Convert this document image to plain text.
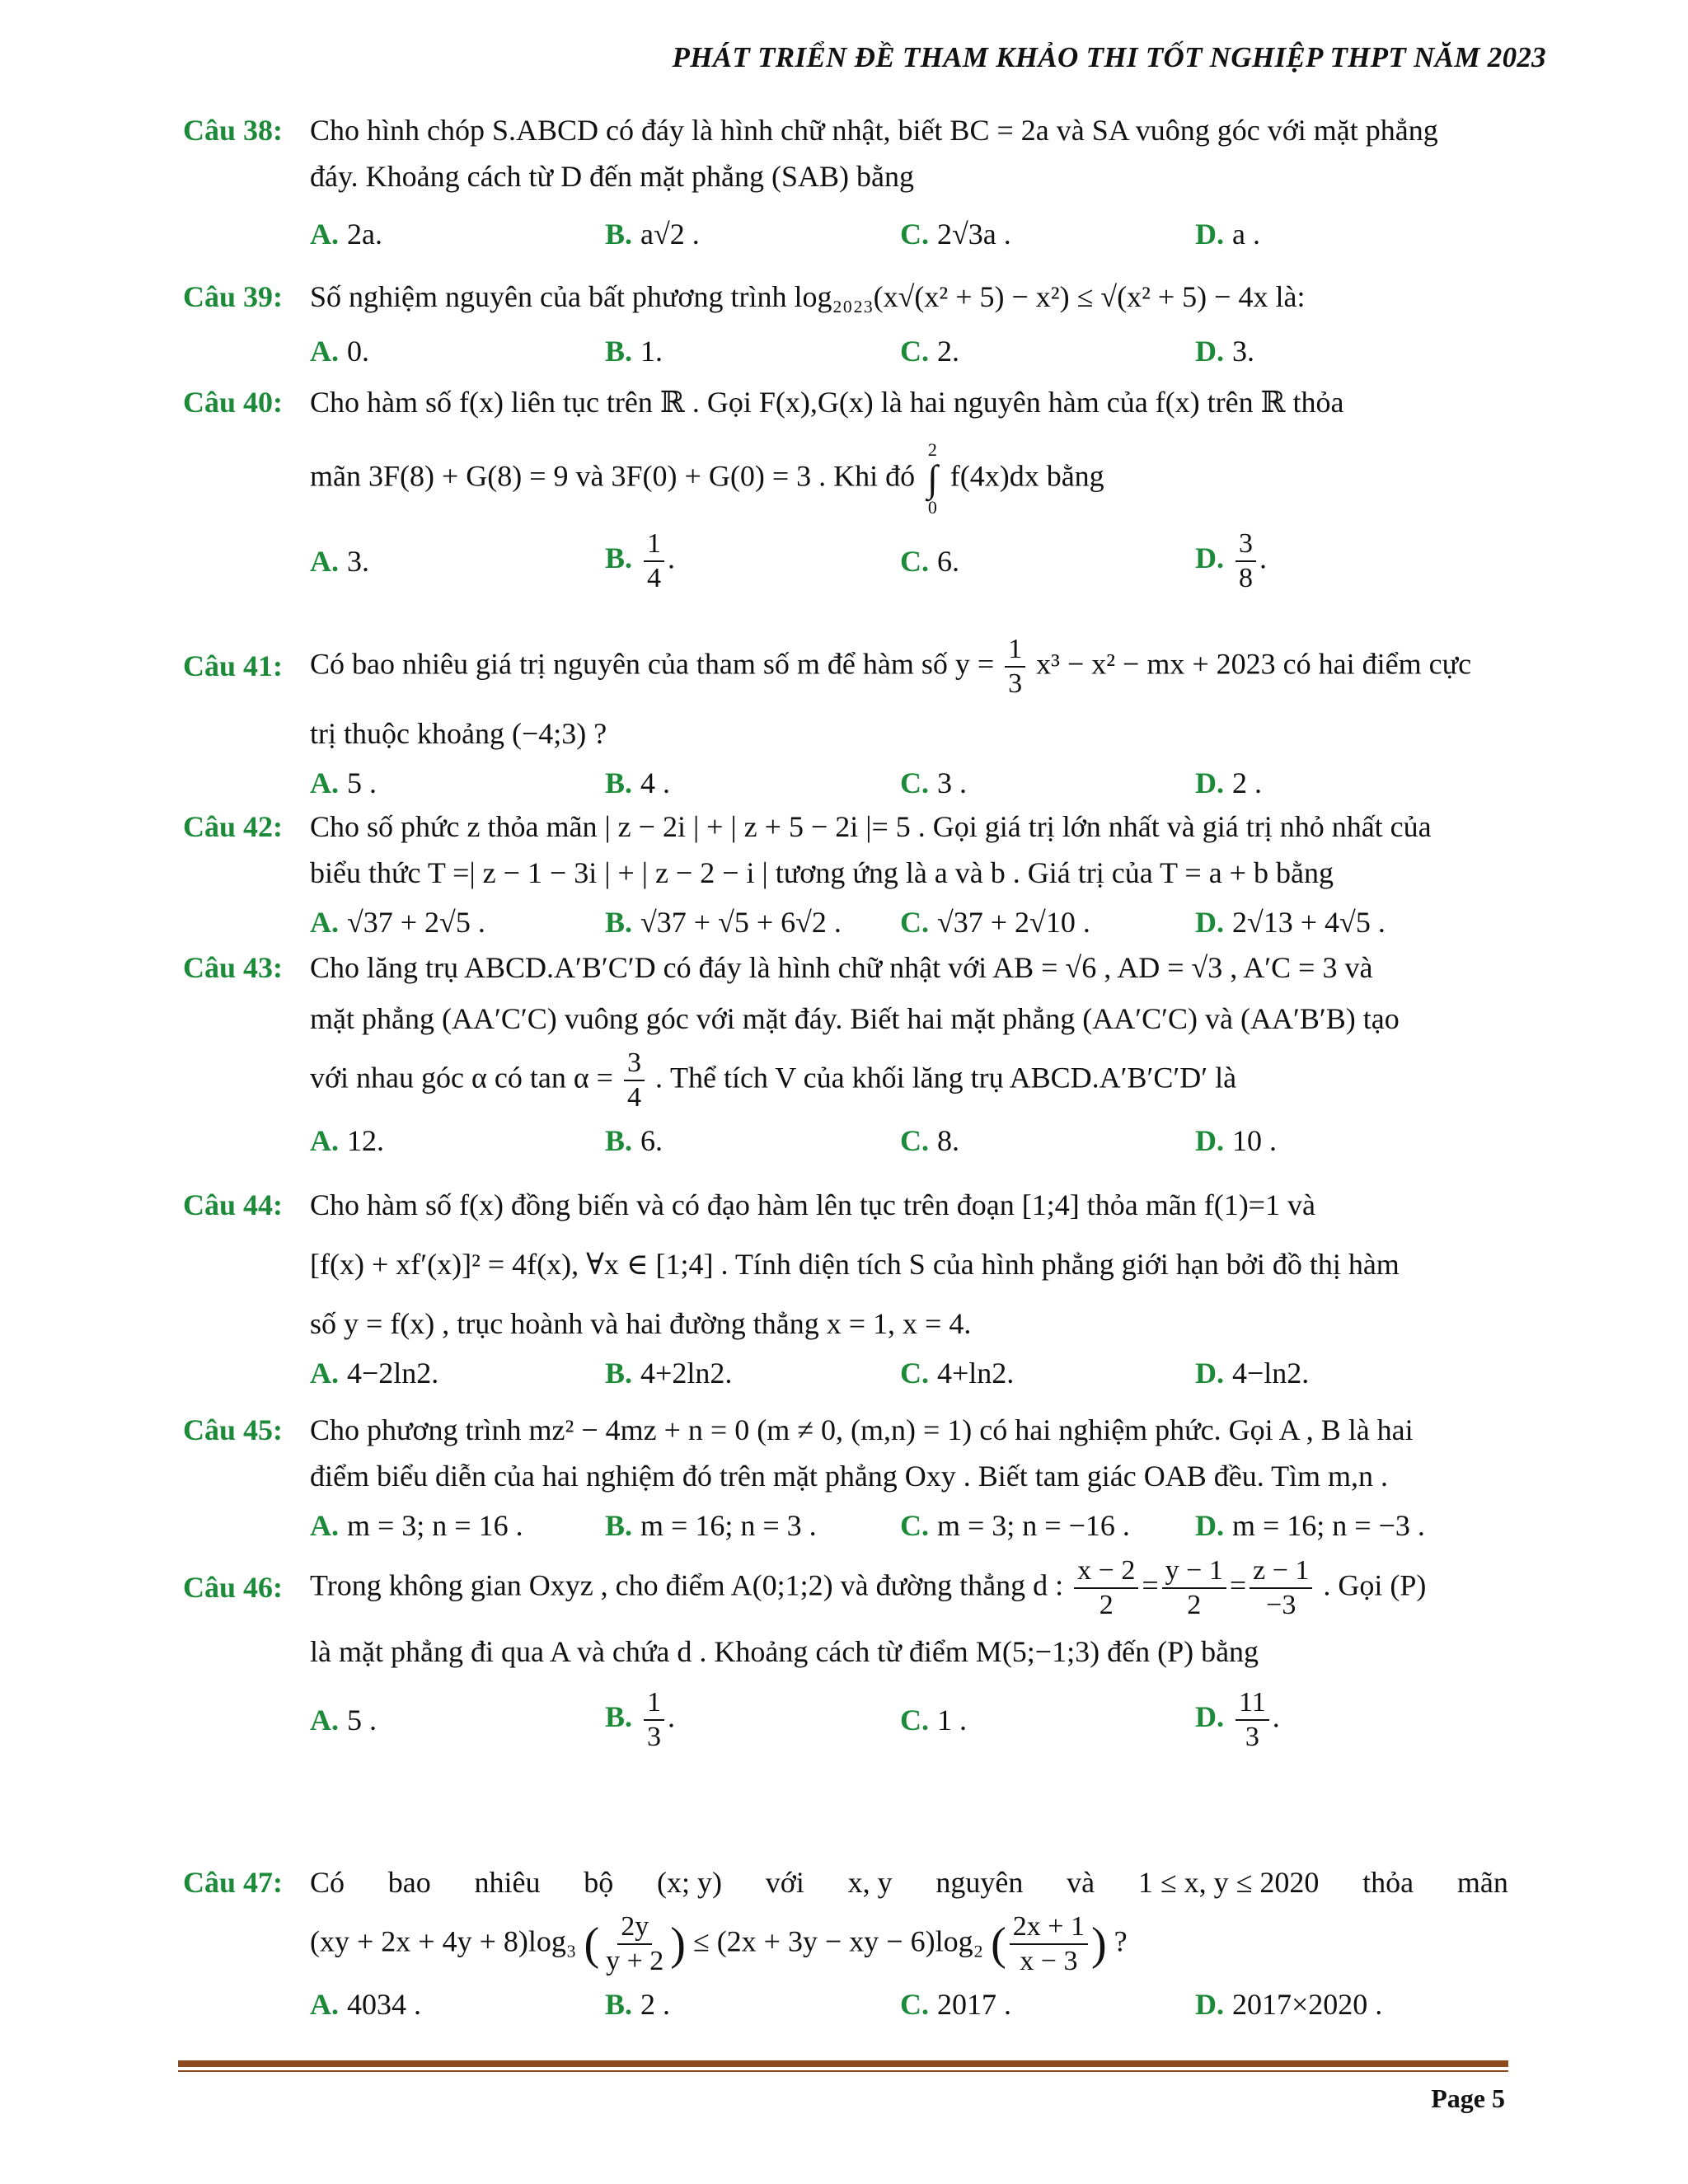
PHÁT TRIỂN ĐỀ THAM KHẢO THI TỐT NGHIỆP THPT NĂM 2023
Câu 38: Cho hình chóp S.ABCD có đáy là hình chữ nhật, biết BC = 2a và SA vuông góc với mặt phẳng
đáy. Khoảng cách từ D đến mặt phẳng (SAB) bằng
A. 2a.	B. a√2 .	C. 2√3a .	D. a .
Câu 39: Số nghiệm nguyên của bất phương trình log₂₀₂₃(x√(x² + 5) − x²) ≤ √(x² + 5) − 4x là:
A. 0.	B. 1.	C. 2.	D. 3.
Câu 40: Cho hàm số f(x) liên tục trên ℝ . Gọi F(x),G(x) là hai nguyên hàm của f(x) trên ℝ thỏa
mãn 3F(8) + G(8) = 9 và 3F(0) + G(0) = 3 . Khi đó
2
∫
0
f(4x)dx bằng
A. 3.	B. $\frac{1}{4}$ .	C. 6.	D. $\frac{3}{8}$ .
Câu 41: Có bao nhiêu giá trị nguyên của tham số m để hàm số $y = \frac{1}{3} x^3 - x^2$ − mx + 2023 có hai điểm cực
trị thuộc khoảng (−4;3) ?
A. 5 .	B. 4 .	C. 3 .	D. 2 .
Câu 42: Cho số phức z thỏa mãn | z − 2i | + | z + 5 − 2i |= 5 . Gọi giá trị lớn nhất và giá trị nhỏ nhất của
biểu thức T =| z − 1 − 3i | + | z − 2 − i | tương ứng là a và b . Giá trị của T = a + b bằng
A. √37 + 2√5 .	B. √37 + √5 + 6√2 .	C. √37 + 2√10 .	D. 2√13 + 4√5 .
Câu 43: Cho lăng trụ ABCD.A′B′C′D có đáy là hình chữ nhật với AB = √6 , AD = √3 , A′C = 3 và
mặt phẳng (AA′C′C) vuông góc với mặt đáy. Biết hai mặt phẳng (AA′C′C) và (AA′B′B) tạo
với nhau góc α có $\tan \alpha = \frac{3}{4}$ . Thể tích V của khối lăng trụ ABCD.A′B′C′D′ là
A. 12.	B. 6.	C. 8.	D. 10 .
Câu 44: Cho hàm số f(x) đồng biến và có đạo hàm lên tục trên đoạn [1;4] thỏa mãn f(1)=1 và
[f(x) + xf′(x)]² = 4f(x), ∀x ∈ [1;4] . Tính diện tích S của hình phẳng giới hạn bởi đồ thị hàm
số y = f(x) , trục hoành và hai đường thẳng x = 1, x = 4.
A. 4−2ln2.	B. 4+2ln2.	C. 4+ln2.	D. 4−ln2.
Câu 45: Cho phương trình mz² − 4mz + n = 0 (m ≠ 0, (m,n) = 1) có hai nghiệm phức. Gọi A , B là hai
điểm biểu diễn của hai nghiệm đó trên mặt phẳng Oxy . Biết tam giác OAB đều. Tìm m,n .
A. m = 3; n = 16 .	B. m = 16; n = 3 .	C. m = 3; n = −16 .	D. m = 16; n = −3 .
Câu 46: Trong không gian Oxyz , cho điểm A(0;1;2) và đường thẳng d : $\frac{x - 2}{2} = \frac{y - 1}{2} = \frac{z - 1}{-3}$ . Gọi (P)
là mặt phẳng đi qua A và chứa d . Khoảng cách từ điểm M(5;−1;3) đến (P) bằng
A. 5 .	B. $\frac{1}{3}$ .	C. 1 .	D. $\frac{11}{3}$ .
Câu 47: Có bao nhiêu bộ (x; y) với x, y nguyên và 1 ≤ x, y ≤ 2020 thỏa mãn
(xy + 2x + 4y + 8)log₃ ( $\frac{2y}{y + 2}$ ) ≤ (2x + 3y − xy − 6)log₂ ( $\frac{2x + 1}{x - 3}$ ) ?
A. 4034 .	B. 2 .	C. 2017 .	D. 2017×2020 .
Page 5
